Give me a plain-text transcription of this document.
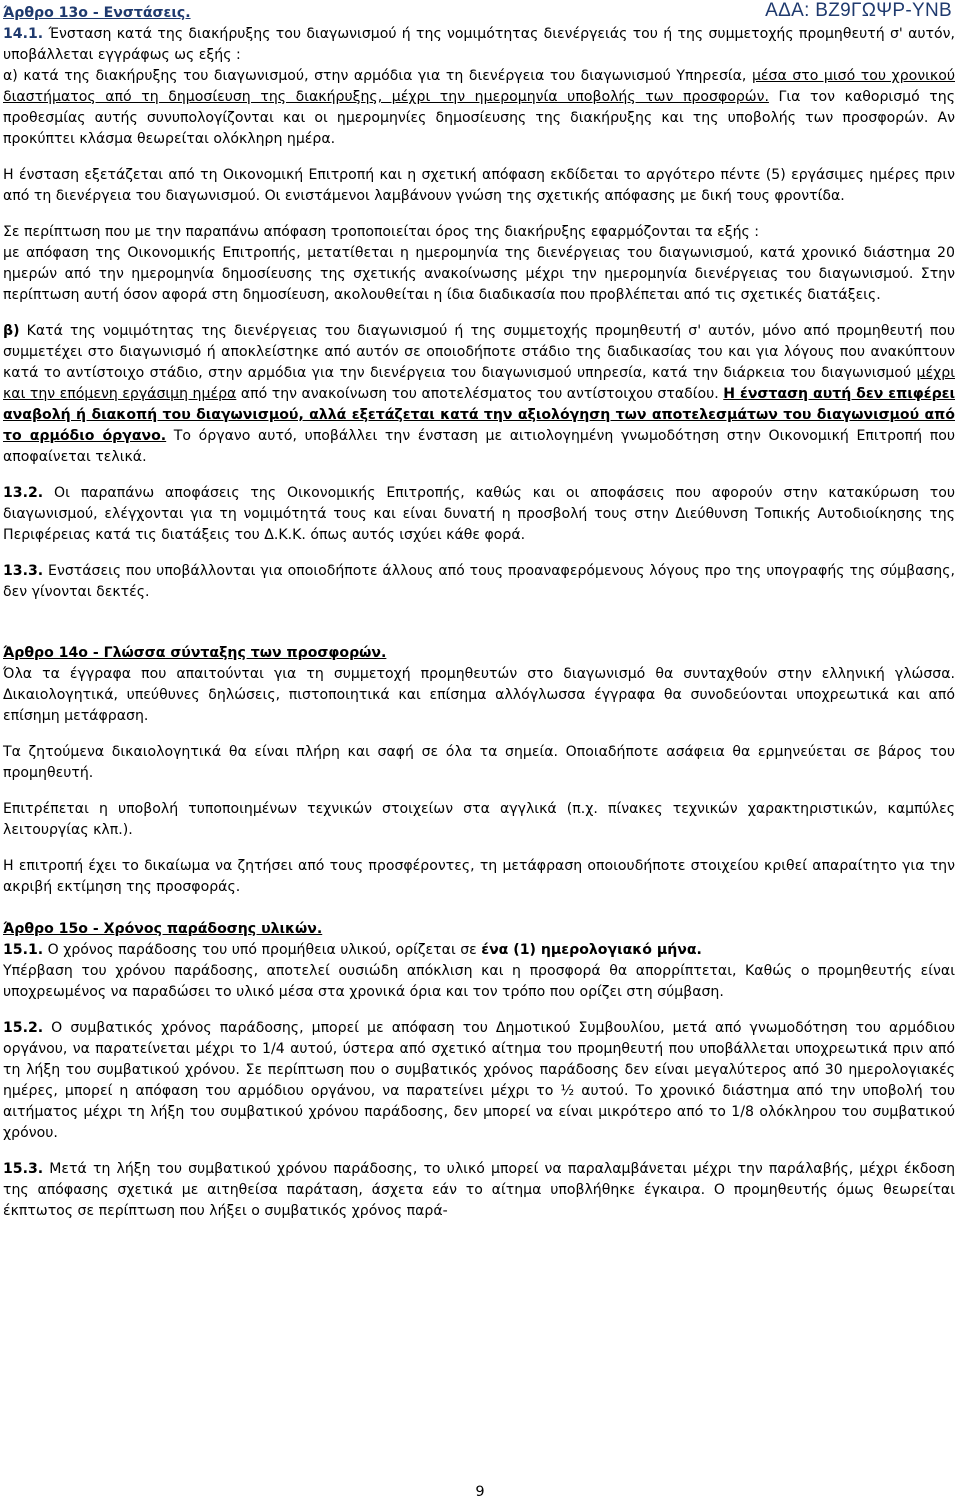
ΑΔΑ: ΒΖ9ΓΩΨΡ-ΥΝΒ

Άρθρο 13ο - Ενστάσεις.

14.1. Ένσταση κατά της διακήρυξης του διαγωνισμού ή της νομιμότητας διενέργειάς του ή της συμμετοχής προμηθευτή σ' αυτόν, υποβάλλεται εγγράφως ως εξής :

α) κατά της διακήρυξης του διαγωνισμού, στην αρμόδια για τη διενέργεια του διαγωνισμού Υπηρεσία, μέσα στο μισό του χρονικού διαστήματος από τη δημοσίευση της διακήρυξης, μέχρι την ημερομηνία υποβολής των προσφορών. Για τον καθορισμό της προθεσμίας αυτής συνυπολογίζονται και οι ημερομηνίες δημοσίευσης της διακήρυξης και της υποβολής των προσφορών. Αν προκύπτει κλάσμα θεωρείται ολόκληρη ημέρα.

Η ένσταση εξετάζεται από τη Οικονομική Επιτροπή και η σχετική απόφαση εκδίδεται το αργότερο πέντε (5) εργάσιμες ημέρες πριν από τη διενέργεια του διαγωνισμού. Οι ενιστάμενοι λαμβάνουν γνώση της σχετικής απόφασης με δική τους φροντίδα.

Σε περίπτωση που με την παραπάνω απόφαση τροποποιείται όρος της διακήρυξης εφαρμόζονται τα εξής :

με απόφαση της Οικονομικής Επιτροπής, μετατίθεται η ημερομηνία της διενέργειας του διαγωνισμού, κατά χρονικό διάστημα 20 ημερών από την ημερομηνία δημοσίευσης της σχετικής ανακοίνωσης μέχρι την ημερομηνία διενέργειας του διαγωνισμού. Στην περίπτωση αυτή όσον αφορά στη δημοσίευση, ακολουθείται η ίδια διαδικασία που προβλέπεται από τις σχετικές διατάξεις.

β) Κατά της νομιμότητας της διενέργειας του διαγωνισμού ή της συμμετοχής προμηθευτή σ' αυτόν, μόνο από προμηθευτή που συμμετέχει στο διαγωνισμό ή αποκλείστηκε από αυτόν σε οποιοδήποτε στάδιο της διαδικασίας του και για λόγους που ανακύπτουν κατά το αντίστοιχο στάδιο, στην αρμόδια για την διενέργεια του διαγωνισμού υπηρεσία, κατά την διάρκεια του διαγωνισμού μέχρι και την επόμενη εργάσιμη ημέρα από την ανακοίνωση του αποτελέσματος του αντίστοιχου σταδίου. Η ένσταση αυτή δεν επιφέρει αναβολή ή διακοπή του διαγωνισμού, αλλά εξετάζεται κατά την αξιολόγηση των αποτελεσμάτων του διαγωνισμού από το αρμόδιο όργανο. Το όργανο αυτό, υποβάλλει την ένσταση με αιτιολογημένη γνωμοδότηση στην Οικονομική Επιτροπή που αποφαίνεται τελικά.

13.2. Οι παραπάνω αποφάσεις της Οικονομικής Επιτροπής, καθώς και οι αποφάσεις που αφορούν στην κατακύρωση του διαγωνισμού, ελέγχονται για τη νομιμότητά τους και είναι δυνατή η προσβολή τους στην Διεύθυνση Τοπικής Αυτοδιοίκησης της Περιφέρειας κατά τις διατάξεις του Δ.Κ.Κ. όπως αυτός ισχύει κάθε φορά.

13.3. Ενστάσεις που υποβάλλονται για οποιοδήποτε άλλους από τους προαναφερόμενους λόγους προ της υπογραφής της σύμβασης, δεν γίνονται δεκτές.

Άρθρο 14ο - Γλώσσα σύνταξης των προσφορών.

Όλα τα έγγραφα που απαιτούνται για τη συμμετοχή προμηθευτών στο διαγωνισμό θα συνταχθούν στην ελληνική γλώσσα. Δικαιολογητικά, υπεύθυνες δηλώσεις, πιστοποιητικά και επίσημα αλλόγλωσσα έγγραφα θα συνοδεύονται υποχρεωτικά και από επίσημη μετάφραση.

Τα ζητούμενα δικαιολογητικά θα είναι πλήρη και σαφή σε όλα τα σημεία. Οποιαδήποτε ασάφεια θα ερμηνεύεται σε βάρος του προμηθευτή.

Επιτρέπεται η υποβολή τυποποιημένων τεχνικών στοιχείων στα αγγλικά (π.χ. πίνακες τεχνικών χαρακτηριστικών, καμπύλες λειτουργίας κλπ.).

Η επιτροπή έχει το δικαίωμα να ζητήσει από τους προσφέροντες, τη μετάφραση οποιουδήποτε στοιχείου κριθεί απαραίτητο για την ακριβή εκτίμηση της προσφοράς.

Άρθρο 15ο - Χρόνος παράδοσης υλικών.

15.1. Ο χρόνος παράδοσης του υπό προμήθεια υλικού, ορίζεται σε ένα (1) ημερολογιακό μήνα.

Υπέρβαση του χρόνου παράδοσης, αποτελεί ουσιώδη απόκλιση και η προσφορά θα απορρίπτεται, Καθώς ο προμηθευτής είναι υποχρεωμένος να παραδώσει το υλικό μέσα στα χρονικά όρια και τον τρόπο που ορίζει στη σύμβαση.

15.2. Ο συμβατικός χρόνος παράδοσης, μπορεί με απόφαση του Δημοτικού Συμβουλίου, μετά από γνωμοδότηση του αρμόδιου οργάνου, να παρατείνεται μέχρι το 1/4 αυτού, ύστερα από σχετικό αίτημα του προμηθευτή που υποβάλλεται υποχρεωτικά πριν από τη λήξη του συμβατικού χρόνου. Σε περίπτωση που ο συμβατικός χρόνος παράδοσης δεν είναι μεγαλύτερος από 30 ημερολογιακές ημέρες, μπορεί η απόφαση του αρμόδιου οργάνου, να παρατείνει μέχρι το ½ αυτού. Το χρονικό διάστημα από την υποβολή του αιτήματος μέχρι τη λήξη του συμβατικού χρόνου παράδοσης, δεν μπορεί να είναι μικρότερο από το 1/8 ολόκληρου του συμβατικού χρόνου.

15.3. Μετά τη λήξη του συμβατικού χρόνου παράδοσης, το υλικό μπορεί να παραλαμβάνεται μέχρι την παράλαβής, μέχρι έκδοση της απόφασης σχετικά με αιτηθείσα παράταση, άσχετα εάν το αίτημα υποβλήθηκε έγκαιρα. Ο προμηθευτής όμως θεωρείται έκπτωτος σε περίπτωση που λήξει ο συμβατικός χρόνος παρά-

9
